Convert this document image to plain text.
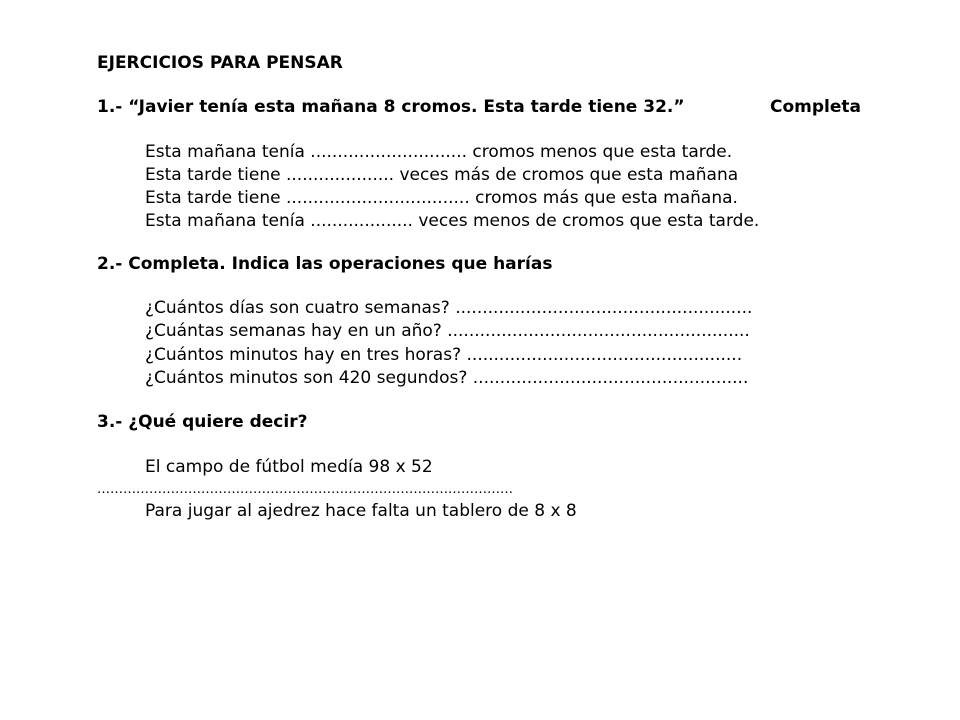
EJERCICIOS PARA PENSAR
1.- “Javier tenía esta mañana 8 cromos. Esta tarde tiene 32.”	Completa
Esta mañana tenía ............................. cromos menos que esta tarde.
Esta tarde tiene .................... veces más de cromos que esta mañana
Esta tarde tiene .................................. cromos más que esta mañana.
Esta mañana tenía ................... veces menos de cromos que esta tarde.
2.- Completa. Indica las operaciones que harías
¿Cuántos días son cuatro semanas? .......................................................
¿Cuántas semanas hay en un año? ........................................................
¿Cuántos minutos hay en tres horas? ...................................................
¿Cuántos minutos son 420 segundos? ...................................................
3.- ¿Qué quiere decir?
El campo de fútbol medía 98 x 52
……………………………………………………………………………………
Para jugar al ajedrez hace falta un tablero de 8 x 8
